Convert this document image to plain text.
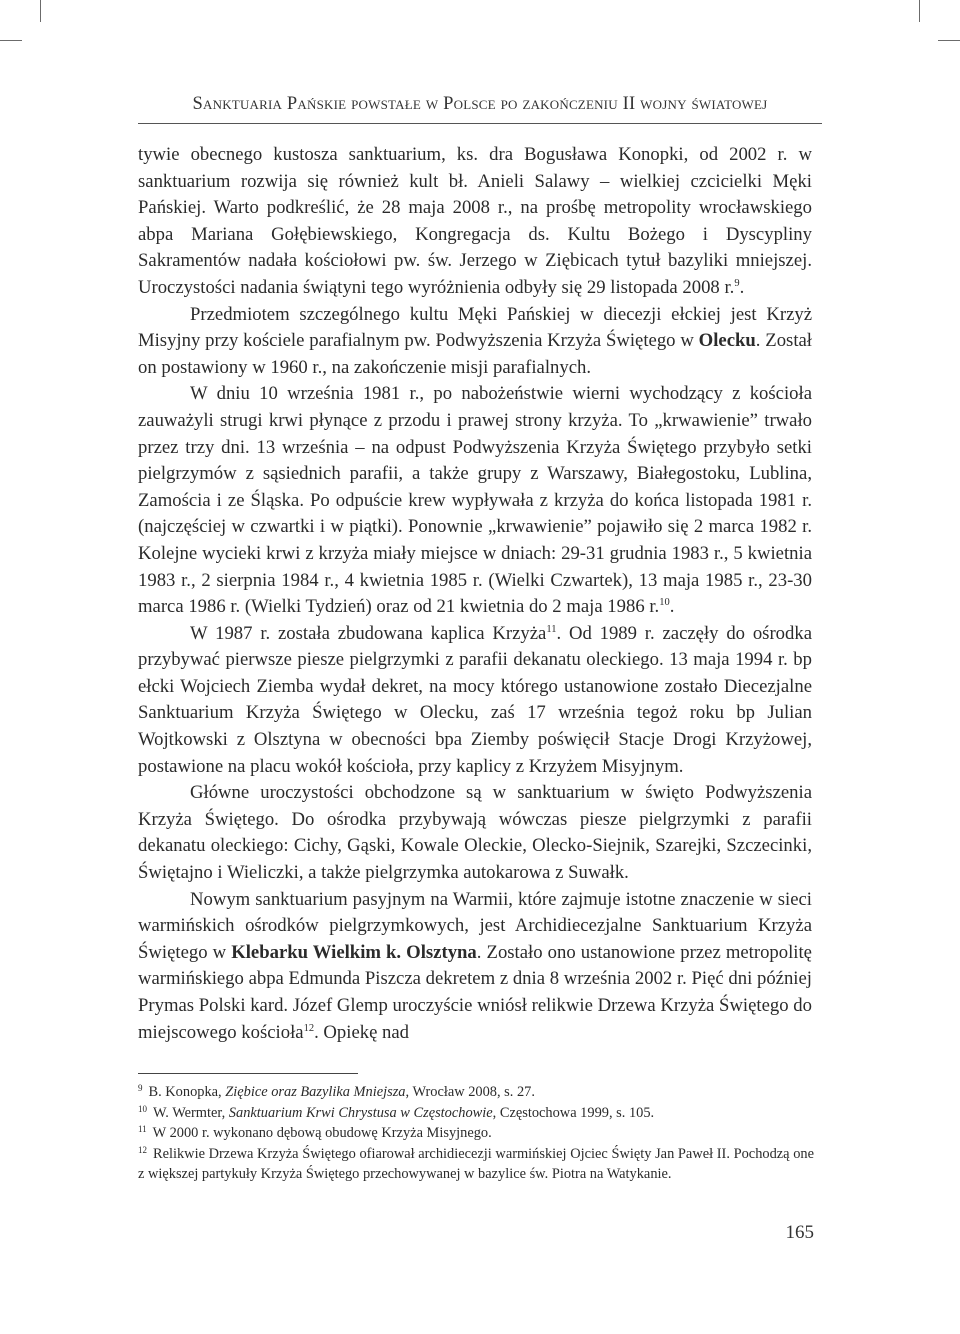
Sanktuaria Pańskie powstałe w Polsce po zakończeniu II wojny światowej

tywie obecnego kustosza sanktuarium, ks. dra Bogusława Konopki, od 2002 r. w sanktuarium rozwija się również kult bł. Anieli Salawy – wielkiej czcicielki Męki Pańskiej. Warto podkreślić, że 28 maja 2008 r., na prośbę metropolity wrocławskiego abpa Mariana Gołębiewskiego, Kongregacja ds. Kultu Bożego i Dyscypliny Sakramentów nadała kościołowi pw. św. Jerzego w Ziębicach tytuł bazyliki mniejszej. Uroczystości nadania świątyni tego wyróżnienia odbyły się 29 listopada 2008 r.$^9$.

Przedmiotem szczególnego kultu Męki Pańskiej w diecezji ełckiej jest Krzyż Misyjny przy kościele parafialnym pw. Podwyższenia Krzyża Świętego w Olecku. Został on postawiony w 1960 r., na zakończenie misji parafialnych.

W dniu 10 września 1981 r., po nabożeństwie wierni wychodzący z kościoła zauważyli strugi krwi płynące z przodu i prawej strony krzyża. To „krwawienie” trwało przez trzy dni. 13 września – na odpust Podwyższenia Krzyża Świętego przybyło setki pielgrzymów z sąsiednich parafii, a także grupy z Warszawy, Białegostoku, Lublina, Zamościa i ze Śląska. Po odpuście krew wypływała z krzyża do końca listopada 1981 r. (najczęściej w czwartki i w piątki). Ponownie „krwawienie” pojawiło się 2 marca 1982 r. Kolejne wycieki krwi z krzyża miały miejsce w dniach: 29-31 grudnia 1983 r., 5 kwietnia 1983 r., 2 sierpnia 1984 r., 4 kwietnia 1985 r. (Wielki Czwartek), 13 maja 1985 r., 23-30 marca 1986 r. (Wielki Tydzień) oraz od 21 kwietnia do 2 maja 1986 r.$^{10}$.

W 1987 r. została zbudowana kaplica Krzyża$^{11}$. Od 1989 r. zaczęły do ośrodka przybywać pierwsze piesze pielgrzymki z parafii dekanatu oleckiego. 13 maja 1994 r. bp ełcki Wojciech Ziemba wydał dekret, na mocy którego ustanowione zostało Diecezjalne Sanktuarium Krzyża Świętego w Olecku, zaś 17 września tegoż roku bp Julian Wojtkowski z Olsztyna w obecności bpa Ziemby poświęcił Stacje Drogi Krzyżowej, postawione na placu wokół kościoła, przy kaplicy z Krzyżem Misyjnym.

Główne uroczystości obchodzone są w sanktuarium w święto Podwyższenia Krzyża Świętego. Do ośrodka przybywają wówczas piesze pielgrzymki z parafii dekanatu oleckiego: Cichy, Gąski, Kowale Oleckie, Olecko-Siejnik, Szarejki, Szczecinki, Świętajno i Wieliczki, a także pielgrzymka autokarowa z Suwałk.

Nowym sanktuarium pasyjnym na Warmii, które zajmuje istotne znaczenie w sieci warmińskich ośrodków pielgrzymkowych, jest Archidiecezjalne Sanktuarium Krzyża Świętego w Klebarku Wielkim k. Olsztyna. Zostało ono ustanowione przez metropolitę warmińskiego abpa Edmunda Piszcza dekretem z dnia 8 września 2002 r. Pięć dni później Prymas Polski kard. Józef Glemp uroczyście wniósł relikwie Drzewa Krzyża Świętego do miejscowego kościoła$^{12}$. Opiekę nad

$^9$ B. Konopka, Ziębice oraz Bazylika Mniejsza, Wrocław 2008, s. 27.

$^{10}$ W. Wermter, Sanktuarium Krwi Chrystusa w Częstochowie, Częstochowa 1999, s. 105.

$^{11}$ W 2000 r. wykonano dębową obudowę Krzyża Misyjnego.

$^{12}$ Relikwie Drzewa Krzyża Świętego ofiarował archidiecezji warmińskiej Ojciec Święty Jan Paweł II. Pochodzą one z większej partykuły Krzyża Świętego przechowywanej w bazylice św. Piotra na Watykanie.

165
